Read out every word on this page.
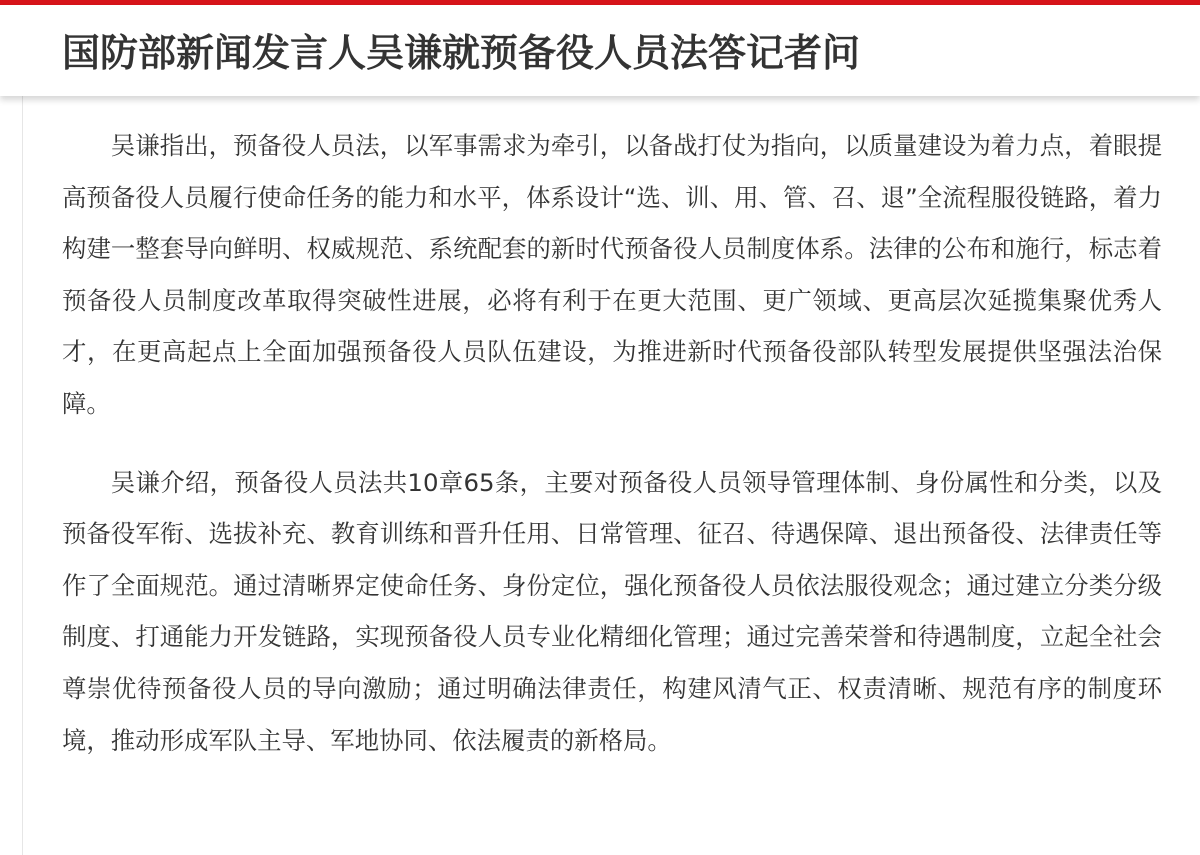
国防部新闻发言人吴谦就预备役人员法答记者问

吴谦指出，预备役人员法，以军事需求为牵引，以备战打仗为指向，以质量建设为着力点，着眼提高预备役人员履行使命任务的能力和水平，体系设计“选、训、用、管、召、退”全流程服役链路，着力构建一整套导向鲜明、权威规范、系统配套的新时代预备役人员制度体系。法律的公布和施行，标志着预备役人员制度改革取得突破性进展，必将有利于在更大范围、更广领域、更高层次延揽集聚优秀人才，在更高起点上全面加强预备役人员队伍建设，为推进新时代预备役部队转型发展提供坚强法治保障。

吴谦介绍，预备役人员法共10章65条，主要对预备役人员领导管理体制、身份属性和分类，以及预备役军衔、选拔补充、教育训练和晋升任用、日常管理、征召、待遇保障、退出预备役、法律责任等作了全面规范。通过清晰界定使命任务、身份定位，强化预备役人员依法服役观念；通过建立分类分级制度、打通能力开发链路，实现预备役人员专业化精细化管理；通过完善荣誉和待遇制度，立起全社会尊崇优待预备役人员的导向激励；通过明确法律责任，构建风清气正、权责清晰、规范有序的制度环境，推动形成军队主导、军地协同、依法履责的新格局。
